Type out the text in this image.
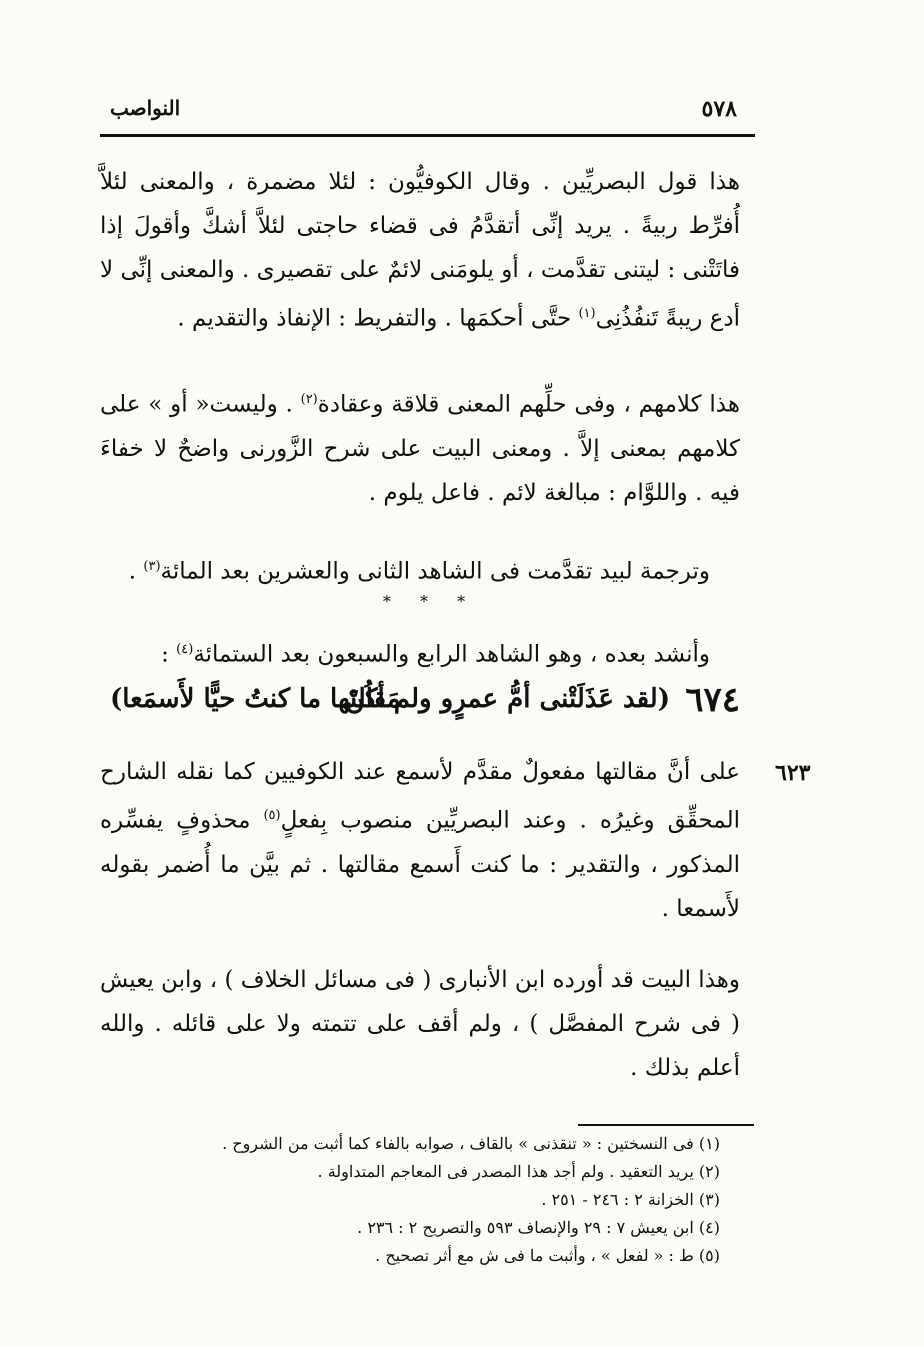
٥٧٨
النواصب
هذا قول البصريِّين . وقال الكوفيُّون : لئلا مضمرة ، والمعنى لئلاَّ أُفرِّط ربيةً . يريد إنِّى أتقدَّمُ فى قضاء حاجتى لئلاَّ أشكَّ وأقولَ إذا فاتَتْنى : ليتنى تقدَّمت ، أو يلومَنى لائمٌ على تقصيرى . والمعنى إنِّى لا أدع ريبةً تَنفُذُنِى$^{(١)}$ حتَّى أحكمَها . والتفريط : الإنفاذ والتقديم .
هذا كلامهم ، وفى حلِّهم المعنى قلاقة وعقادة$^{(٢)}$ . وليست« أو » على كلامهم بمعنى إلاَّ . ومعنى البيت على شرح الزَّورنى واضحٌ لا خفاءَ فيه . واللوَّام : مبالغة لائم . فاعل يلوم .
وترجمة لبيد تقدَّمت فى الشاهد الثانى والعشرين بعد المائة$^{(٣)}$ .
* * *
وأنشد بعده ، وهو الشاهد الرابع والسبعون بعد الستمائة$^{(٤)}$ :
٦٧٤
(لقد عَذَلَتْنى أمُّ عمرٍو ولم أكُنْ
مَقالتَها ما كنتُ حيًّا لأَسمَعا)
٦٢٣
على أنَّ مقالتها مفعولٌ مقدَّم لأسمع عند الكوفيين كما نقله الشارح المحقِّق وغيرُه . وعند البصريِّين منصوب بِفعلٍ$^{(٥)}$ محذوفٍ يفسِّره المذكور ، والتقدير : ما كنت أَسمع مقالتها . ثم بيَّن ما أُضمر بقوله لأَسمعا .
وهذا البيت قد أورده ابن الأنبارى ( فى مسائل الخلاف ) ، وابن يعيش ( فى شرح المفصَّل ) ، ولم أقف على تتمته ولا على قائله . والله أعلم بذلك .
(١) فى النسختين : « تنقذنى » بالقاف ، صوابه بالفاء كما أثبت من الشروح .
(٢) يريد التعقيد . ولم أجد هذا المصدر فى المعاجم المتداولة .
(٣) الخزانة ٢ : ٢٤٦ - ٢٥١ .
(٤) ابن يعيش ٧ : ٢٩ والإنصاف ٥٩٣ والتصريح ٢ : ٢٣٦ .
(٥) ط : « لفعل » ، وأثبت ما فى ش مع أثر تصحيح .
